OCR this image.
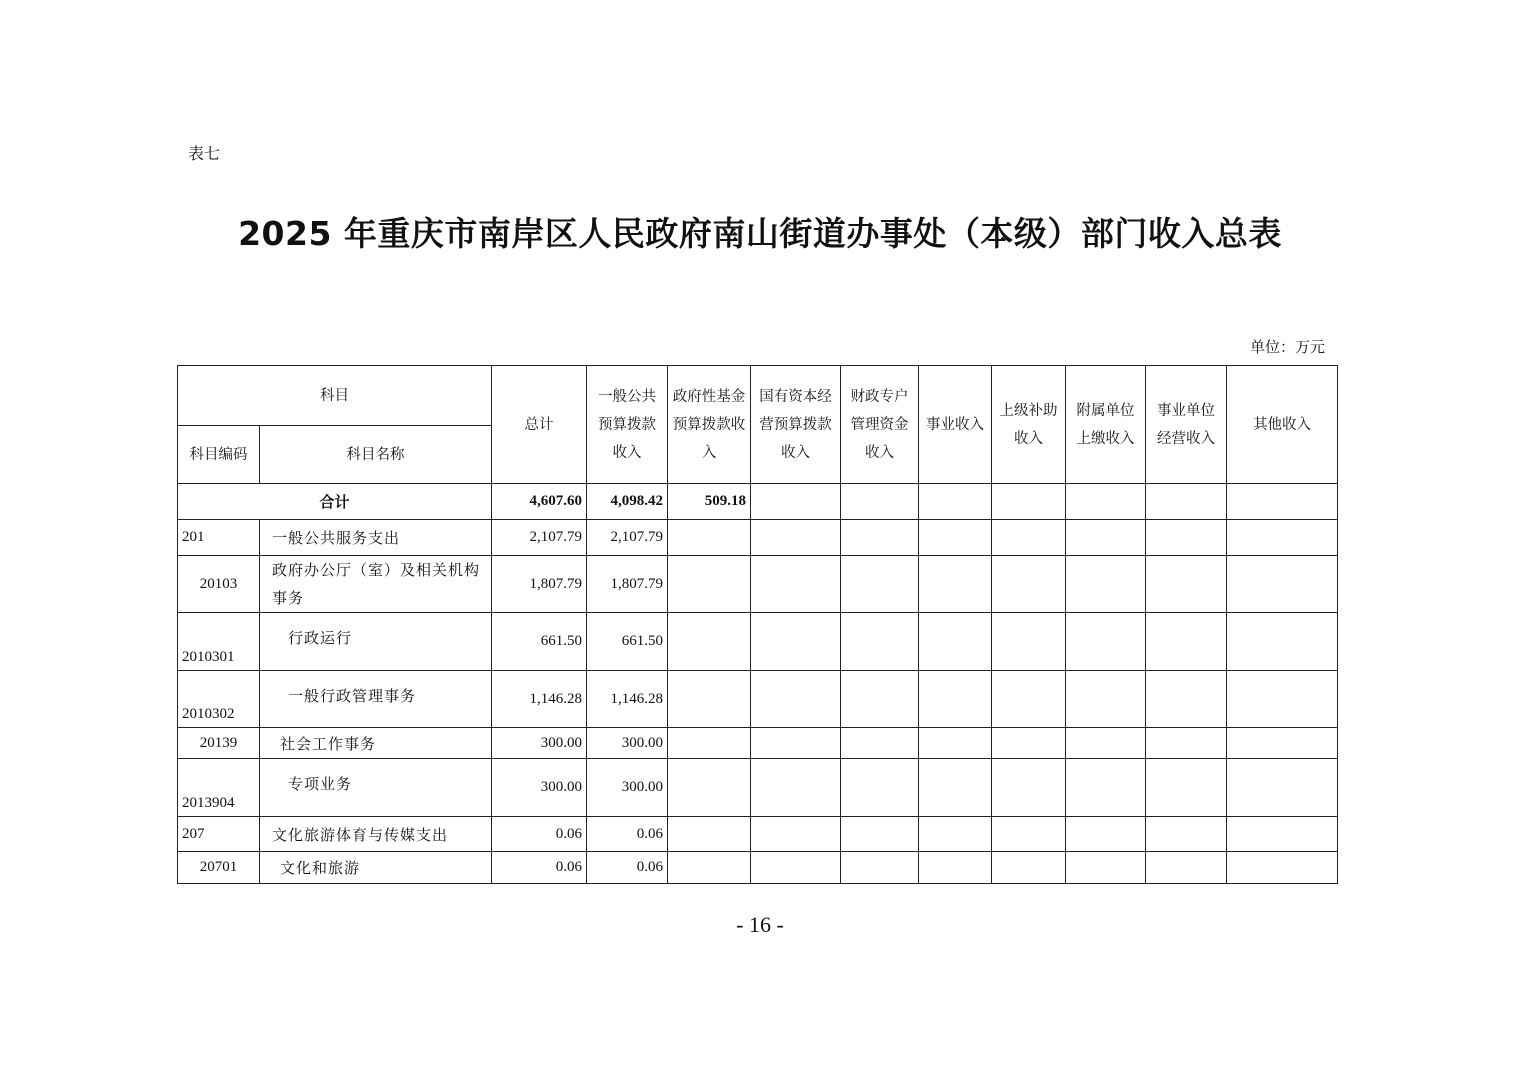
表七
2025 年重庆市南岸区人民政府南山街道办事处（本级）部门收入总表
单位：万元
科目		总计	一般公共预算拨款收入	政府性基金预算拨款收入	国有资本经营预算拨款收入	财政专户管理资金收入	事业收入	上级补助收入	附属单位上缴收入	事业单位经营收入	其他收入
科目编码	科目名称										
合计		4,607.60	4,098.42	509.18							
201	一般公共服务支出	2,107.79	2,107.79								
20103	政府办公厅（室）及相关机构事务	1,807.79	1,807.79								
2010301	行政运行	661.50	661.50								
2010302	一般行政管理事务	1,146.28	1,146.28								
20139	社会工作事务	300.00	300.00								
2013904	专项业务	300.00	300.00								
207	文化旅游体育与传媒支出	0.06	0.06								
20701	文化和旅游	0.06	0.06								
- 16 -
